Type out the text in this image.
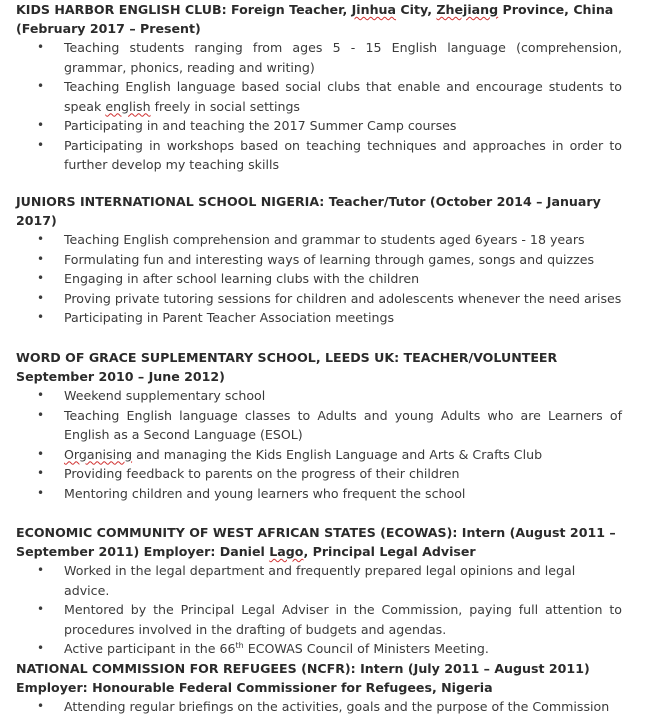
KIDS HARBOR ENGLISH CLUB: Foreign Teacher, Jinhua City, Zhejiang Province, China (February 2017 – Present)
• Teaching students ranging from ages 5 - 15 English language (comprehension, grammar, phonics, reading and writing)
• Teaching English language based social clubs that enable and encourage students to speak english freely in social settings
• Participating in and teaching the 2017 Summer Camp courses
• Participating in workshops based on teaching techniques and approaches in order to further develop my teaching skills
JUNIORS INTERNATIONAL SCHOOL NIGERIA: Teacher/Tutor (October 2014 – January 2017)
• Teaching English comprehension and grammar to students aged 6years - 18 years
• Formulating fun and interesting ways of learning through games, songs and quizzes
• Engaging in after school learning clubs with the children
• Proving private tutoring sessions for children and adolescents whenever the need arises
• Participating in Parent Teacher Association meetings
WORD OF GRACE SUPLEMENTARY SCHOOL, LEEDS UK: TEACHER/VOLUNTEER September 2010 – June 2012)
• Weekend supplementary school
• Teaching English language classes to Adults and young Adults who are Learners of English as a Second Language (ESOL)
• Organising and managing the Kids English Language and Arts & Crafts Club
• Providing feedback to parents on the progress of their children
• Mentoring children and young learners who frequent the school
ECONOMIC COMMUNITY OF WEST AFRICAN STATES (ECOWAS): Intern (August 2011 – September 2011) Employer: Daniel Lago, Principal Legal Adviser
• Worked in the legal department and frequently prepared legal opinions and legal advice.
• Mentored by the Principal Legal Adviser in the Commission, paying full attention to procedures involved in the drafting of budgets and agendas.
• Active participant in the 66th ECOWAS Council of Ministers Meeting.
NATIONAL COMMISSION FOR REFUGEES (NCFR): Intern (July 2011 – August 2011)
Employer: Honourable Federal Commissioner for Refugees, Nigeria
• Attending regular briefings on the activities, goals and the purpose of the Commission
